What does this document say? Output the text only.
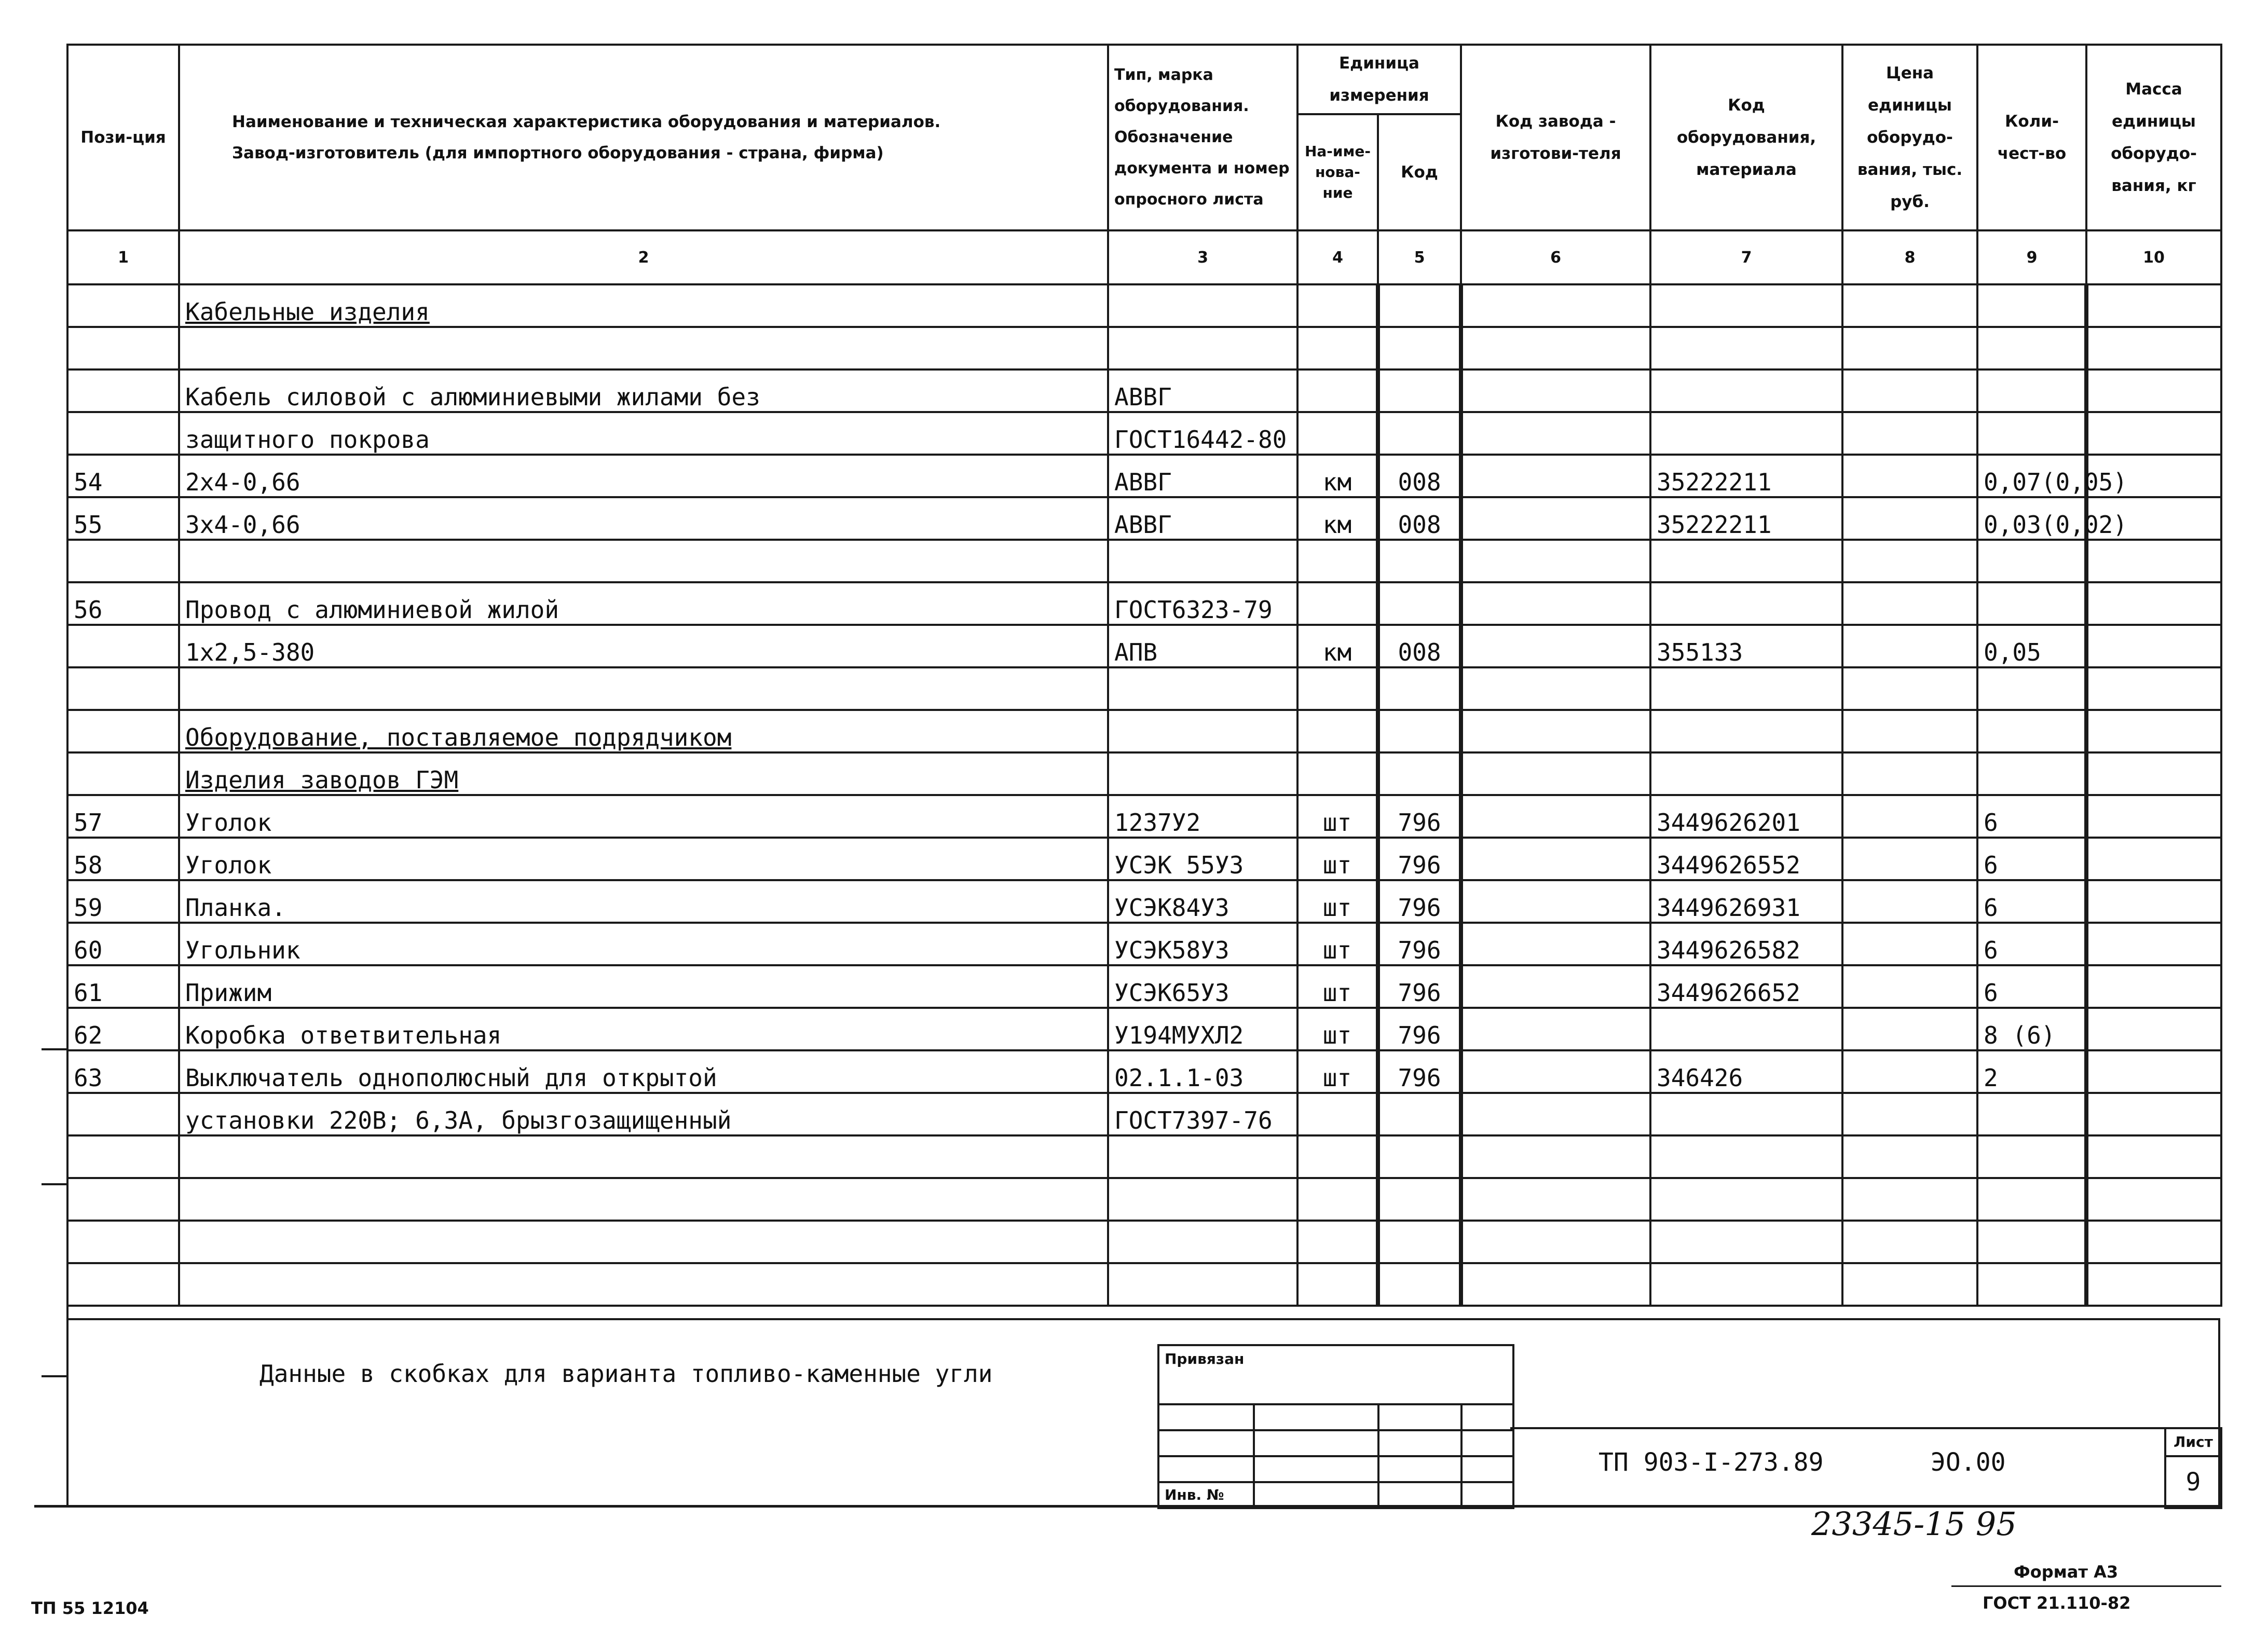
Пози-ция	Наименование и техническая характеристика оборудования и материалов.
Завод-изготовитель (для импортного оборудования - страна, фирма)	Тип, марка оборудования. Обозначение документа и номер опросного листа	Единица измерения		Код завода - изготови-теля	Код оборудования, материала	Цена единицы оборудо-вания, тыс. руб.	Коли-чест-во	Масса единицы оборудо-вания, кг
			На-име-нова-ние	Код					
1	2	3	4	5	6	7	8	9	10
	Кабельные изделия								

	Кабель силовой с алюминиевыми жилами без	АВВГ							
	защитного покрова	ГОСТ16442-80							
54	2х4-0,66	АВВГ	км	008		35222211		0,07(0,05)	
55	3х4-0,66	АВВГ	км	008		35222211		0,03(0,02)	

56	Провод с алюминиевой жилой	ГОСТ6323-79							
	1х2,5-380	АПВ	км	008		355133		0,05	

	Оборудование, поставляемое подрядчиком								
	Изделия заводов ГЭМ								
57	Уголок	1237У2	шт	796		3449626201		6	
58	Уголок	УСЭК 55У3	шт	796		3449626552		6	
59	Планка.	УСЭК84У3	шт	796		3449626931		6	
60	Угольник	УСЭК58У3	шт	796		3449626582		6	
61	Прижим	УСЭК65У3	шт	796		3449626652		6	
62	Коробка ответвительная	У194МУХЛ2	шт	796				8 (6)	
63	Выключатель однополюсный для открытой	02.1.1-03	шт	796		346426		2	
	установки 220В; 6,3А, брызгозащищенный	ГОСТ7397-76							

Данные в скобках для варианта топливо-каменные угли
Привязан
Инв. №
ТП 903-I-273.89	ЭО.00
Лист
9
23345-15 95
Формат А3
ГОСТ 21.110-82
ТП 55 12104
